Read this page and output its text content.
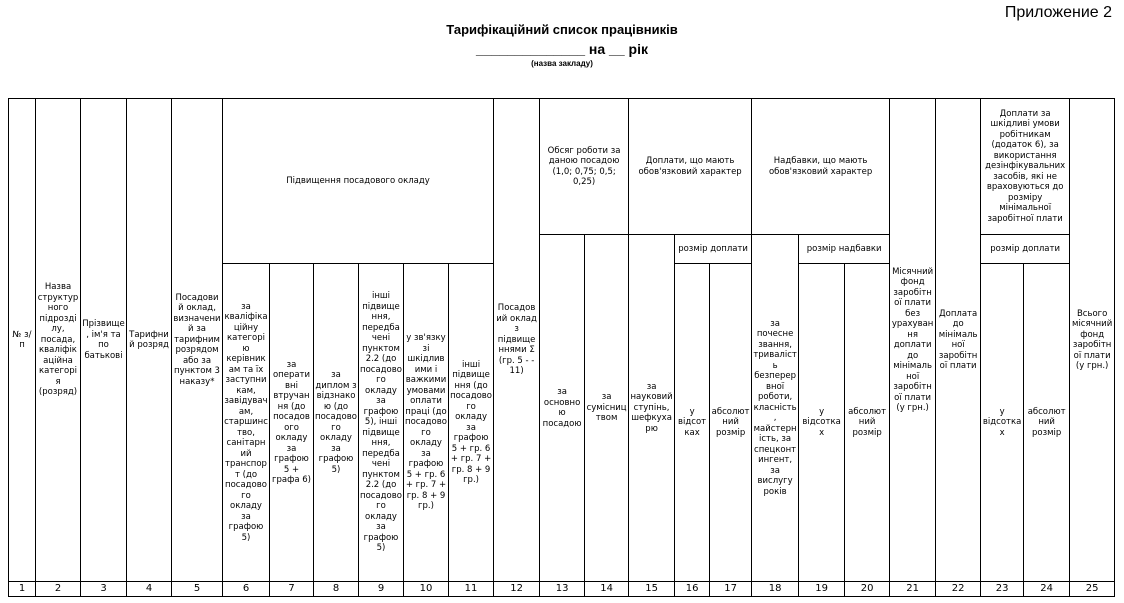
Приложение 2
Тарифікаційний список працівників
______________ на __ рік
(назва закладу)
№ з/п	Назва структурного підрозділу, посада, кваліфікаційна категорія (розряд)	Прізвище, ім'я та по батькові	Тарифний розряд	Посадовий оклад, визначений за тарифним розрядом або за пунктом 3 наказу*	Підвищення посадового окладу						Посадовий оклад з підвищеннями Σ (гр. 5 - - 11)	Обсяг роботи за даною посадою (1,0; 0,75; 0,5; 0,25)		Доплати, що мають обов'язковий характер			Надбавки, що мають обов'язковий характер			Місячний фонд заробітної плати без урахування доплати до мінімальної заробітної плати (у грн.)	Доплата до мінімальної заробітної плати	Доплати за шкідливі умови робітникам (додаток 6), за використання дезінфікувальних засобів, які не враховуються до розміру мінімальної заробітної плати		Всього місячний фонд заробітної плати (у грн.)
												за основною посадою	за сумісництвом	за науковий ступінь, шефкухарю	розмір доплати		за почесне звання, тривалість безперервної роботи, класність, майстерність, за спецконтингент, за вислугу років	розмір надбавки				розмір доплати		
					за кваліфікаційну категорію керівникам та їх заступникам, завідувачам, старшинство, санітарний транспорт (до посадового окладу за графою 5)	за оперативні втручання (до посадового окладу за графою 5 + графа 6)	за диплом з відзнакою (до посадового окладу за графою 5)	інші підвищення, передбачені пунктом 2.2 (до посадового окладу за графою 5), інші підвищення, передбачені пунктом 2.2 (до посадового окладу за графою 5)	у зв'язку зі шкідливими і важкими умовами оплати праці (до посадового окладу за графою 5 + гр. 6 + гр. 7 + гр. 8 + 9 гр.)	інші підвищення (до посадового окладу за графою 5 + гр. 6 + гр. 7 + гр. 8 + 9 гр.)					у відсотках	абсолютний розмір		у відсотках	абсолютний розмір			у відсотках	абсолютний розмір	
1	2	3	4	5	6	7	8	9	10	11	12	13	14	15	16	17	18	19	20	21	22	23	24	25
